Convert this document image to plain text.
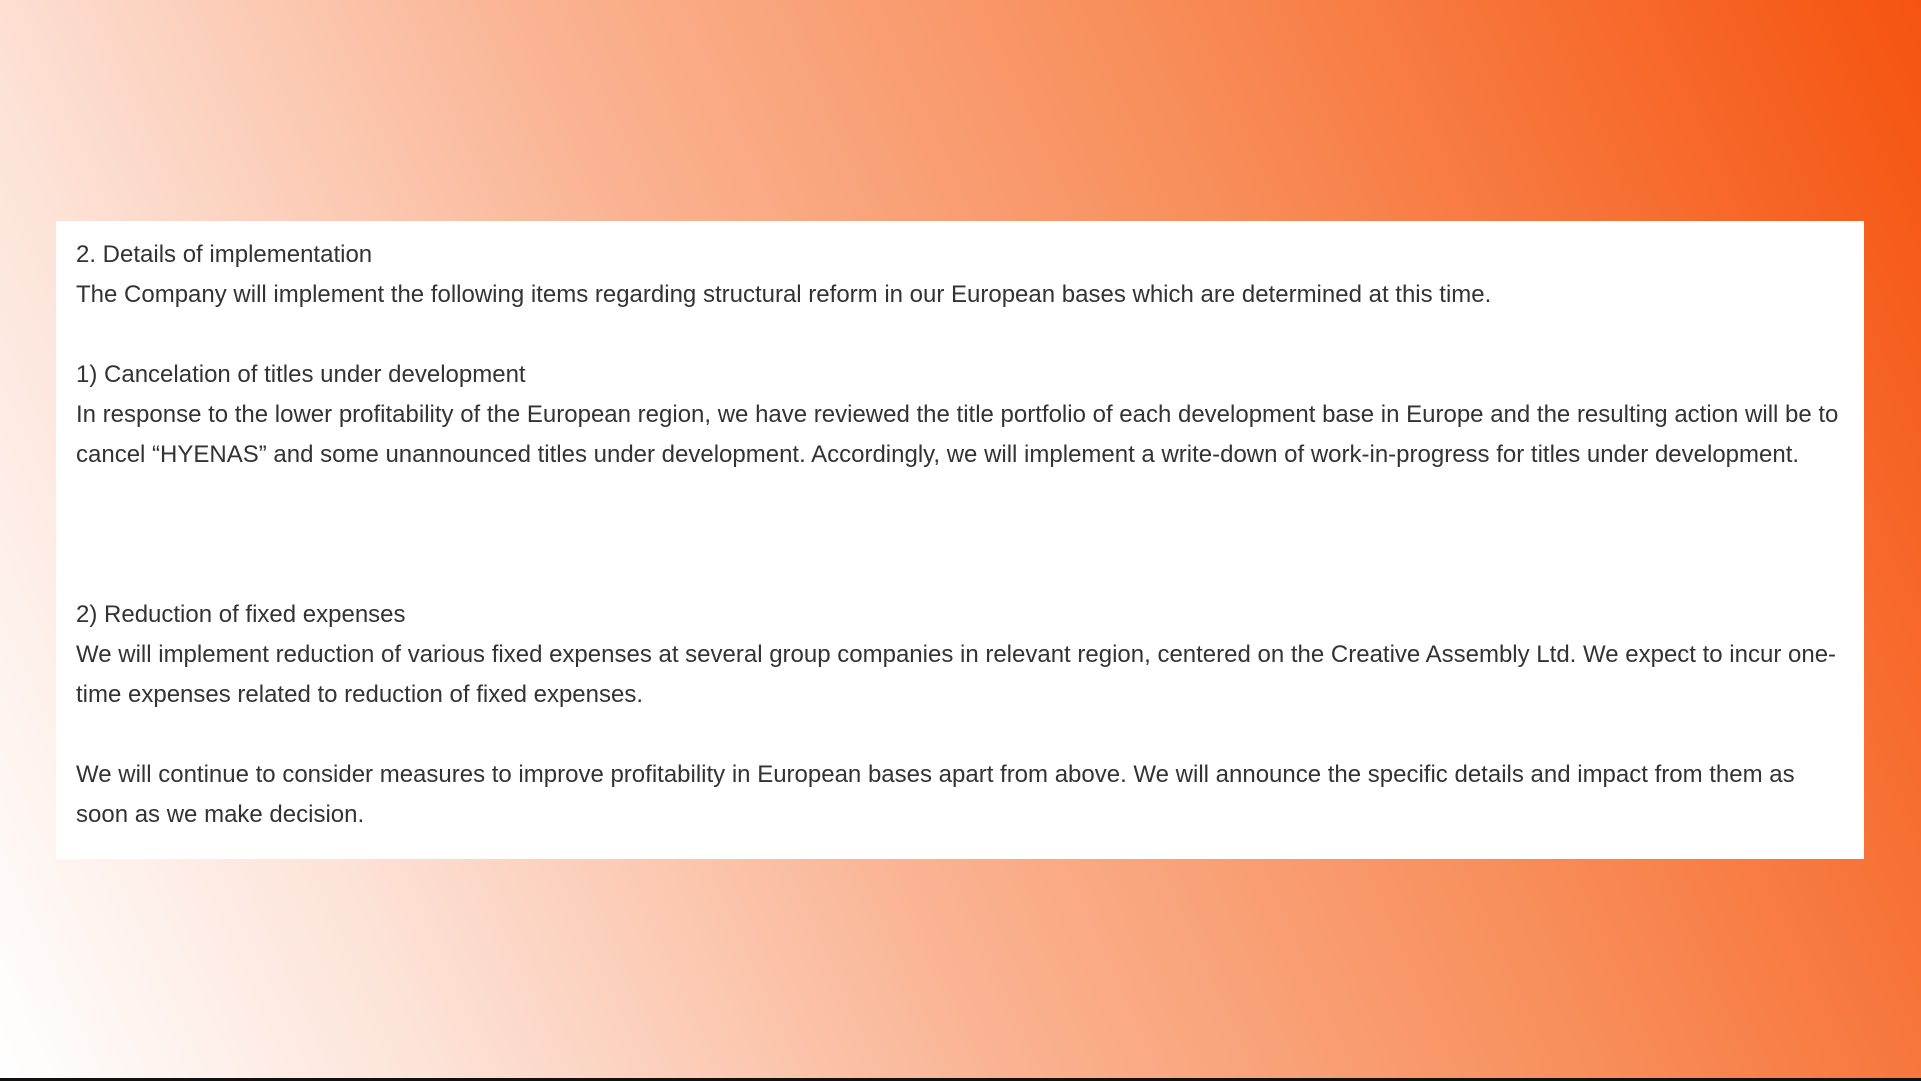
2. Details of implementation

The Company will implement the following items regarding structural reform in our European bases which are determined at this time.

1) Cancelation of titles under development

In response to the lower profitability of the European region, we have reviewed the title portfolio of each development base in Europe and the resulting action will be to cancel “HYENAS” and some unannounced titles under development. Accordingly, we will implement a write-down of work-in-progress for titles under development.

2) Reduction of fixed expenses

We will implement reduction of various fixed expenses at several group companies in relevant region, centered on the Creative Assembly Ltd. We expect to incur one-time expenses related to reduction of fixed expenses.

We will continue to consider measures to improve profitability in European bases apart from above. We will announce the specific details and impact from them as soon as we make decision.
